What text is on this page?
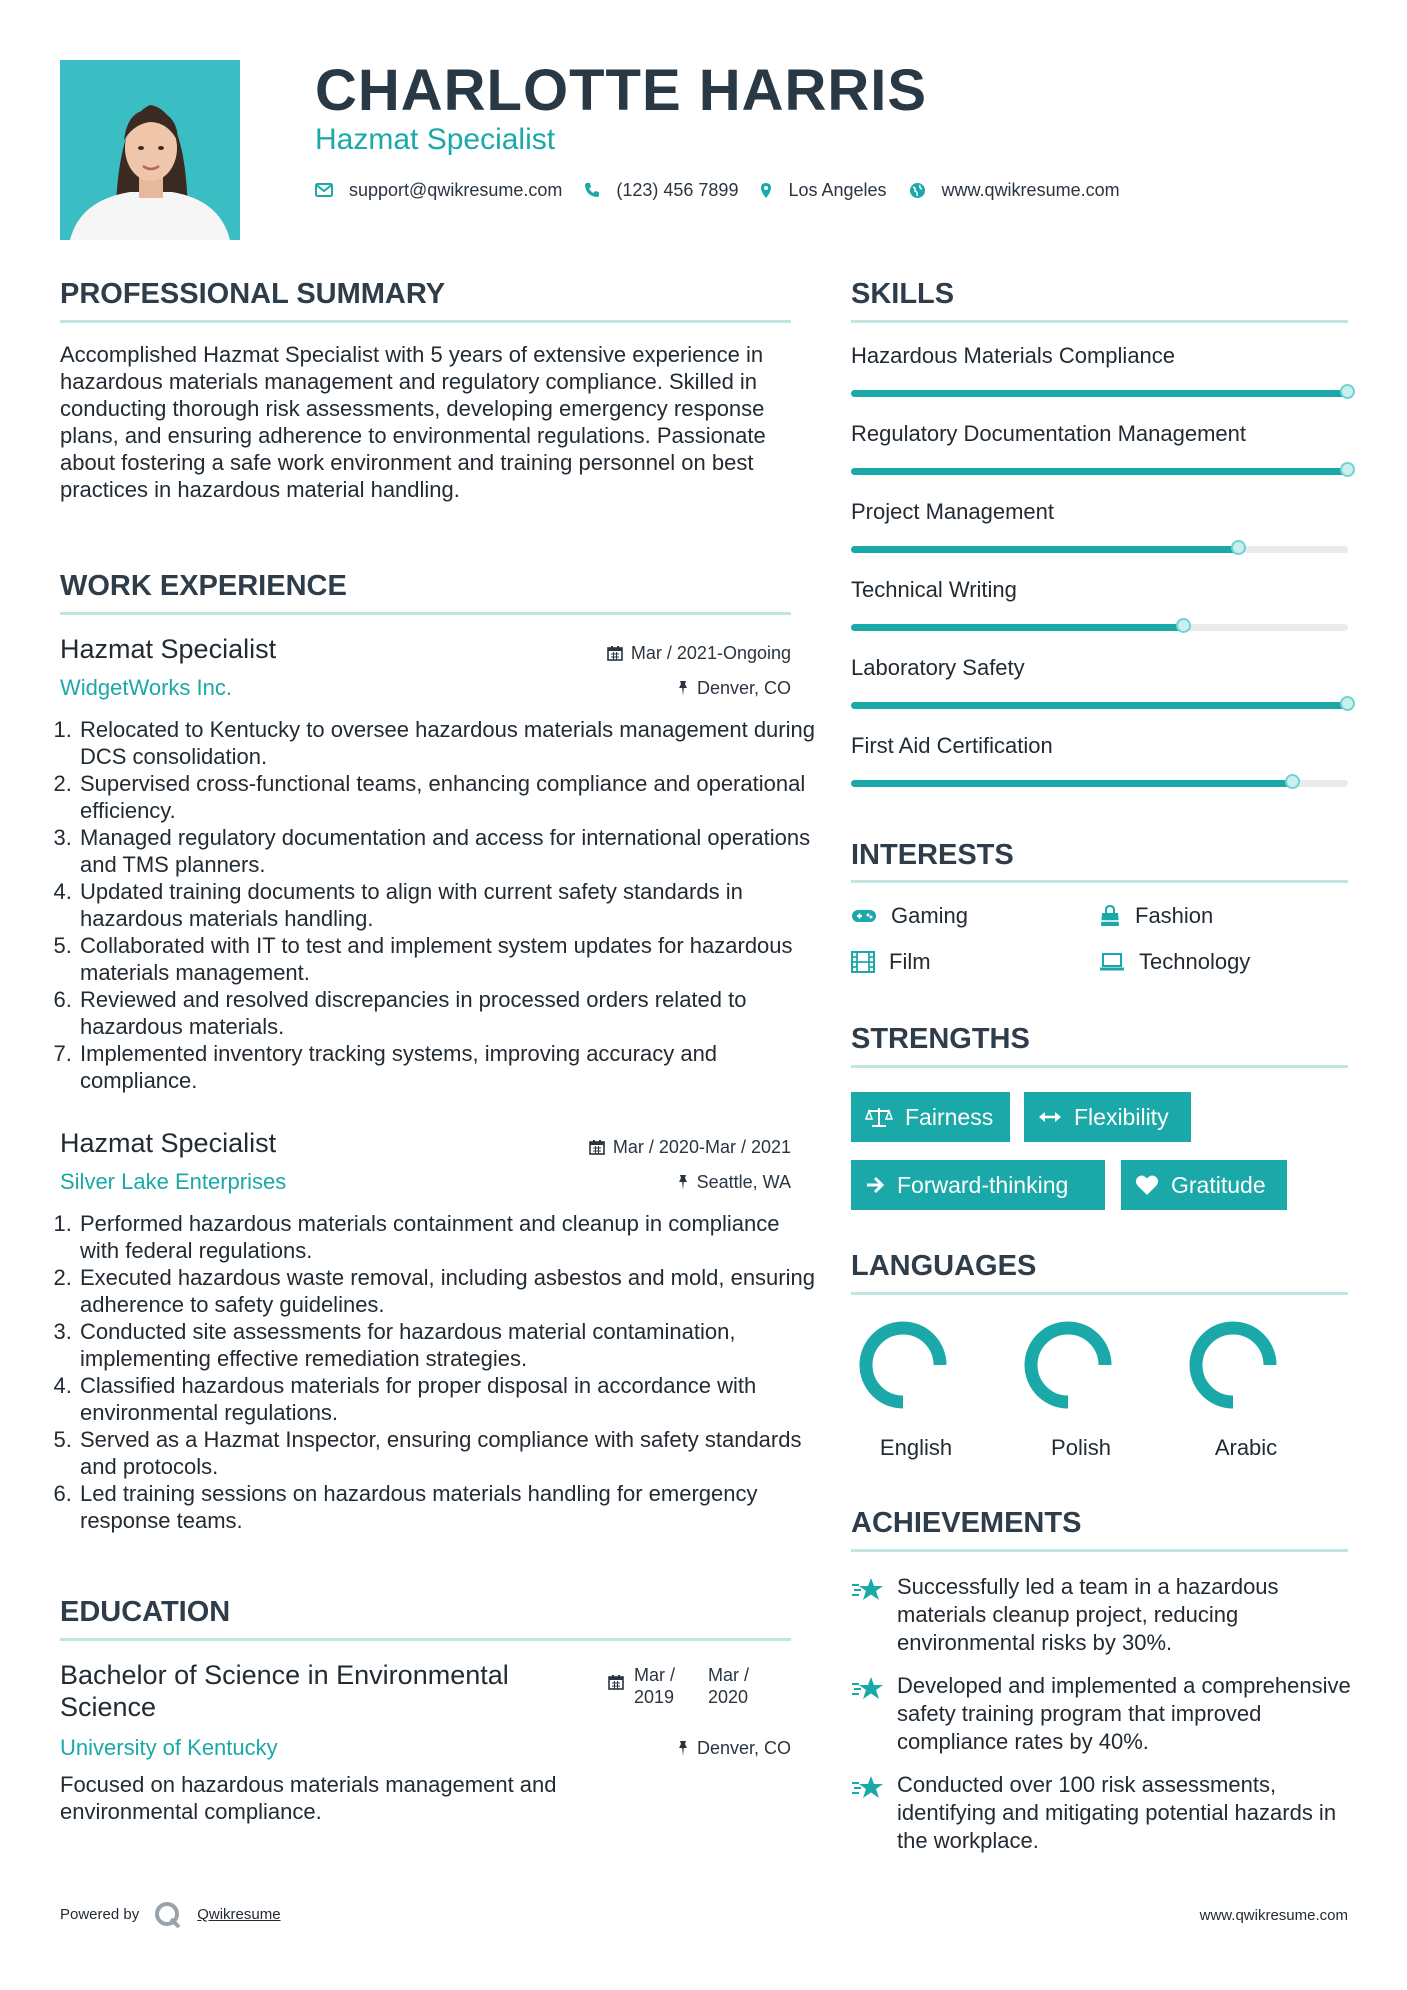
CHARLOTTE HARRIS
Hazmat Specialist
support@qwikresume.com	(123) 456 7899	Los Angeles	www.qwikresume.com
PROFESSIONAL SUMMARY
Accomplished Hazmat Specialist with 5 years of extensive experience in hazardous materials management and regulatory compliance. Skilled in conducting thorough risk assessments, developing emergency response plans, and ensuring adherence to environmental regulations. Passionate about fostering a safe work environment and training personnel on best practices in hazardous material handling.
WORK EXPERIENCE
Hazmat Specialist	Mar / 2021-Ongoing
WidgetWorks Inc.	Denver, CO
1. Relocated to Kentucky to oversee hazardous materials management during DCS consolidation.
2. Supervised cross-functional teams, enhancing compliance and operational efficiency.
3. Managed regulatory documentation and access for international operations and TMS planners.
4. Updated training documents to align with current safety standards in hazardous materials handling.
5. Collaborated with IT to test and implement system updates for hazardous materials management.
6. Reviewed and resolved discrepancies in processed orders related to hazardous materials.
7. Implemented inventory tracking systems, improving accuracy and compliance.
Hazmat Specialist	Mar / 2020-Mar / 2021
Silver Lake Enterprises	Seattle, WA
1. Performed hazardous materials containment and cleanup in compliance with federal regulations.
2. Executed hazardous waste removal, including asbestos and mold, ensuring adherence to safety guidelines.
3. Conducted site assessments for hazardous material contamination, implementing effective remediation strategies.
4. Classified hazardous materials for proper disposal in accordance with environmental regulations.
5. Served as a Hazmat Inspector, ensuring compliance with safety standards and protocols.
6. Led training sessions on hazardous materials handling for emergency response teams.
EDUCATION
Bachelor of Science in Environmental Science
Mar / 2019
Mar / 2020
University of Kentucky	Denver, CO
Focused on hazardous materials management and environmental compliance.
SKILLS
Hazardous Materials Compliance
Regulatory Documentation Management
Project Management
Technical Writing
Laboratory Safety
First Aid Certification
INTERESTS
Gaming	Fashion
Film	Technology
STRENGTHS
Fairness	Flexibility
Forward-thinking	Gratitude
LANGUAGES
English	Polish	Arabic
ACHIEVEMENTS
Successfully led a team in a hazardous materials cleanup project, reducing environmental risks by 30%.
Developed and implemented a comprehensive safety training program that improved compliance rates by 40%.
Conducted over 100 risk assessments, identifying and mitigating potential hazards in the workplace.
Powered by	Qwikresume	www.qwikresume.com
